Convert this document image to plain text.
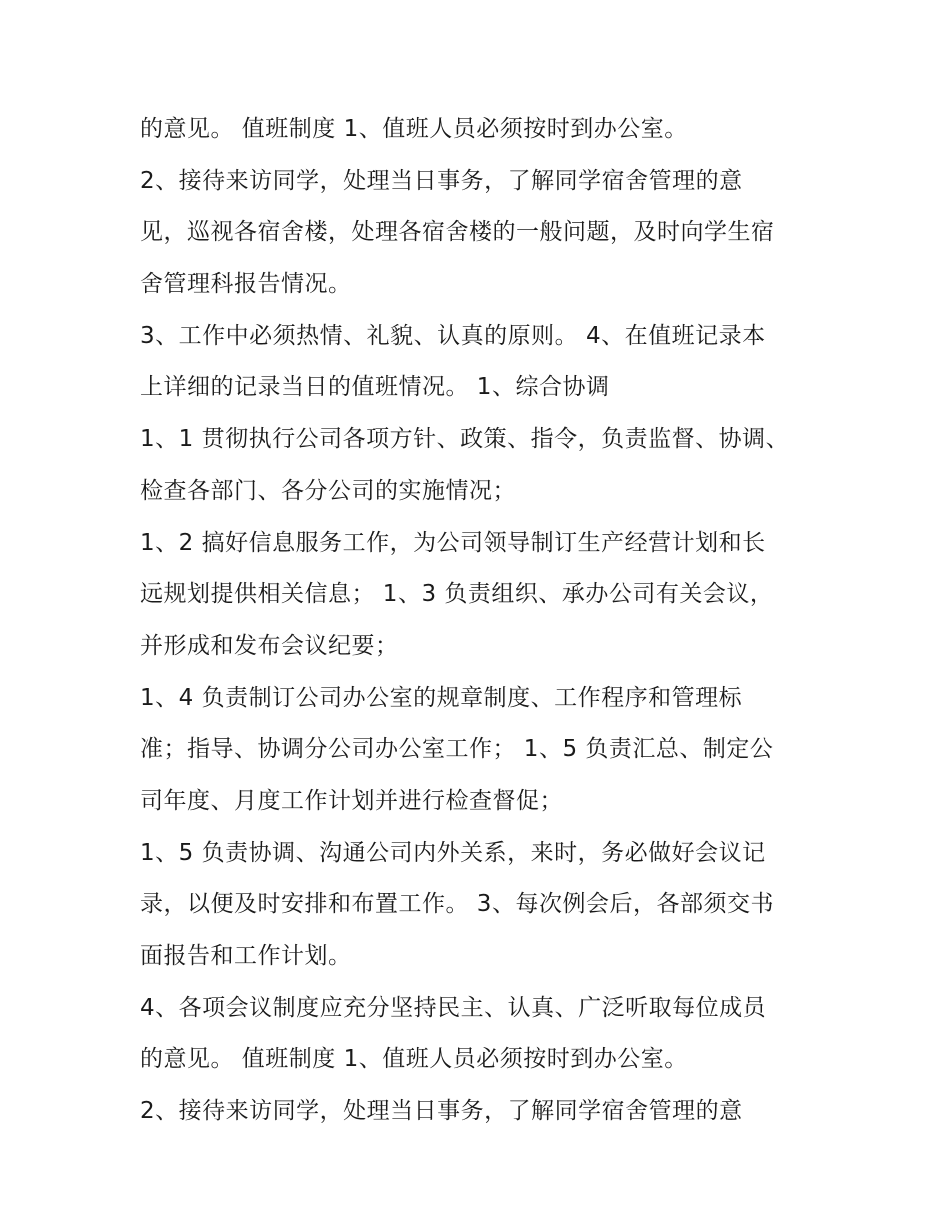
的意见。 值班制度 1、值班人员必须按时到办公室。
2、接待来访同学，处理当日事务，了解同学宿舍管理的意
见，巡视各宿舍楼，处理各宿舍楼的一般问题，及时向学生宿
舍管理科报告情况。
3、工作中必须热情、礼貌、认真的原则。 4、在值班记录本
上详细的记录当日的值班情况。 1、综合协调
1、1 贯彻执行公司各项方针、政策、指令，负责监督、协调、
检查各部门、各分公司的实施情况；
1、2 搞好信息服务工作，为公司领导制订生产经营计划和长
远规划提供相关信息； 1、3 负责组织、承办公司有关会议，
并形成和发布会议纪要；
1、4 负责制订公司办公室的规章制度、工作程序和管理标
准；指导、协调分公司办公室工作； 1、5 负责汇总、制定公
司年度、月度工作计划并进行检查督促；
1、5 负责协调、沟通公司内外关系，来时，务必做好会议记
录，以便及时安排和布置工作。 3、每次例会后，各部须交书
面报告和工作计划。
4、各项会议制度应充分坚持民主、认真、广泛听取每位成员
的意见。 值班制度 1、值班人员必须按时到办公室。
2、接待来访同学，处理当日事务，了解同学宿舍管理的意
